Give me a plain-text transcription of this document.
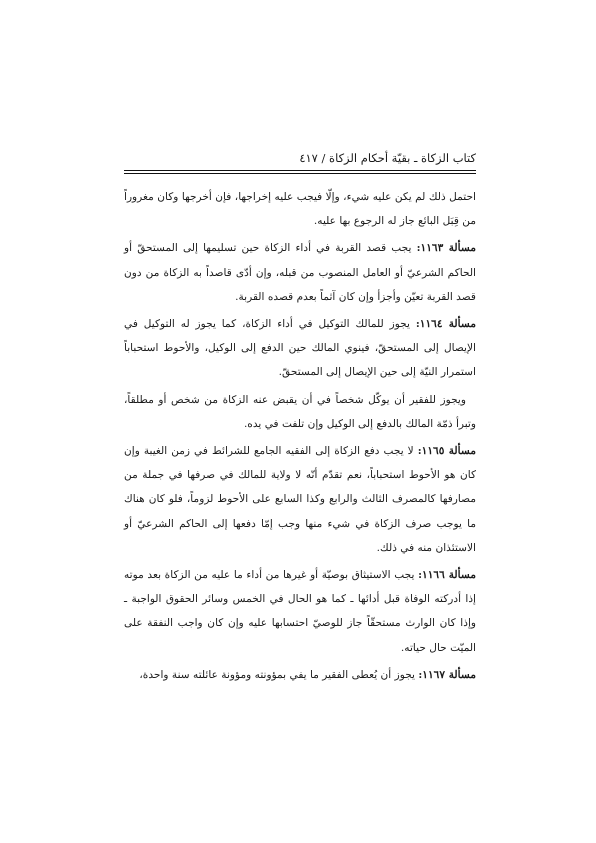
كتاب الزكاة ـ بقيّة أحكام الزكاة / ٤١٧

احتمل ذلك لم يكن عليه شيء، وإلّا فيجب عليه إخراجها، فإن أخرجها وكان مغروراً من قِبَل البائع جاز له الرجوع بها عليه.

مسألة ١١٦٣: يجب قصد القربة في أداء الزكاة حين تسليمها إلى المستحقّ أو الحاكم الشرعيّ أو العامل المنصوب من قبله، وإن أدّى قاصداً به الزكاة من دون قصد القربة تعيّن وأجزأ وإن كان آثماً بعدم قصده القربة.

مسألة ١١٦٤: يجوز للمالك التوكيل في أداء الزكاة، كما يجوز له التوكيل في الإيصال إلى المستحقّ، فينوي المالك حين الدفع إلى الوكيل، والأحوط استحباباً استمرار النيّة إلى حين الإيصال إلى المستحقّ.

ويجوز للفقير أن يوكّل شخصاً في أن يقبض عنه الزكاة من شخص أو مطلقاً، وتبرأ ذمّة المالك بالدفع إلى الوكيل وإن تلفت في يده.

مسألة ١١٦٥: لا يجب دفع الزكاة إلى الفقيه الجامع للشرائط في زمن الغيبة وإن كان هو الأحوط استحباباً، نعم تقدّم أنّه لا ولاية للمالك في صرفها في جملة من مصارفها كالمصرف الثالث والرابع وكذا السابع على الأحوط لزوماً، فلو كان هناك ما يوجب صرف الزكاة في شيء منها وجب إمّا دفعها إلى الحاكم الشرعيّ أو الاستئذان منه في ذلك.

مسألة ١١٦٦: يجب الاستيثاق بوصيّة أو غيرها من أداء ما عليه من الزكاة بعد موته إذا أدركته الوفاة قبل أدائها ـ كما هو الحال في الخمس وسائر الحقوق الواجبة ـ وإذا كان الوارث مستحقّاً جاز للوصيّ احتسابها عليه وإن كان واجب النفقة على الميّت حال حياته.

مسألة ١١٦٧: يجوز أن يُعطى الفقير ما يفي بمؤونته ومؤونة عائلته سنة واحدة،
